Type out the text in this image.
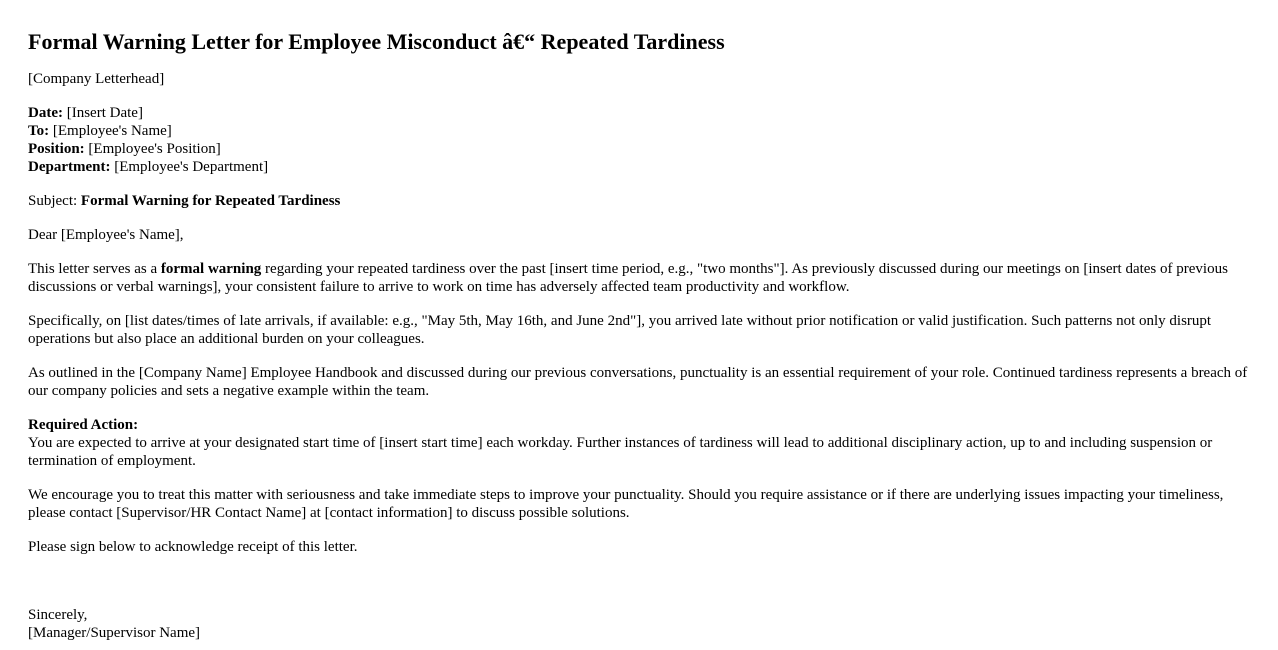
Formal Warning Letter for Employee Misconduct â€“ Repeated Tardiness

[Company Letterhead]

Date: [Insert Date]
To: [Employee's Name]
Position: [Employee's Position]
Department: [Employee's Department]

Subject: Formal Warning for Repeated Tardiness

Dear [Employee's Name],

This letter serves as a formal warning regarding your repeated tardiness over the past [insert time period, e.g., "two months"]. As previously discussed during our meetings on [insert dates of previous discussions or verbal warnings], your consistent failure to arrive to work on time has adversely affected team productivity and workflow.

Specifically, on [list dates/times of late arrivals, if available: e.g., "May 5th, May 16th, and June 2nd"], you arrived late without prior notification or valid justification. Such patterns not only disrupt operations but also place an additional burden on your colleagues.

As outlined in the [Company Name] Employee Handbook and discussed during our previous conversations, punctuality is an essential requirement of your role. Continued tardiness represents a breach of our company policies and sets a negative example within the team.

Required Action:
You are expected to arrive at your designated start time of [insert start time] each workday. Further instances of tardiness will lead to additional disciplinary action, up to and including suspension or termination of employment.

We encourage you to treat this matter with seriousness and take immediate steps to improve your punctuality. Should you require assistance or if there are underlying issues impacting your timeliness, please contact [Supervisor/HR Contact Name] at [contact information] to discuss possible solutions.

Please sign below to acknowledge receipt of this letter.

Sincerely,
[Manager/Supervisor Name]
